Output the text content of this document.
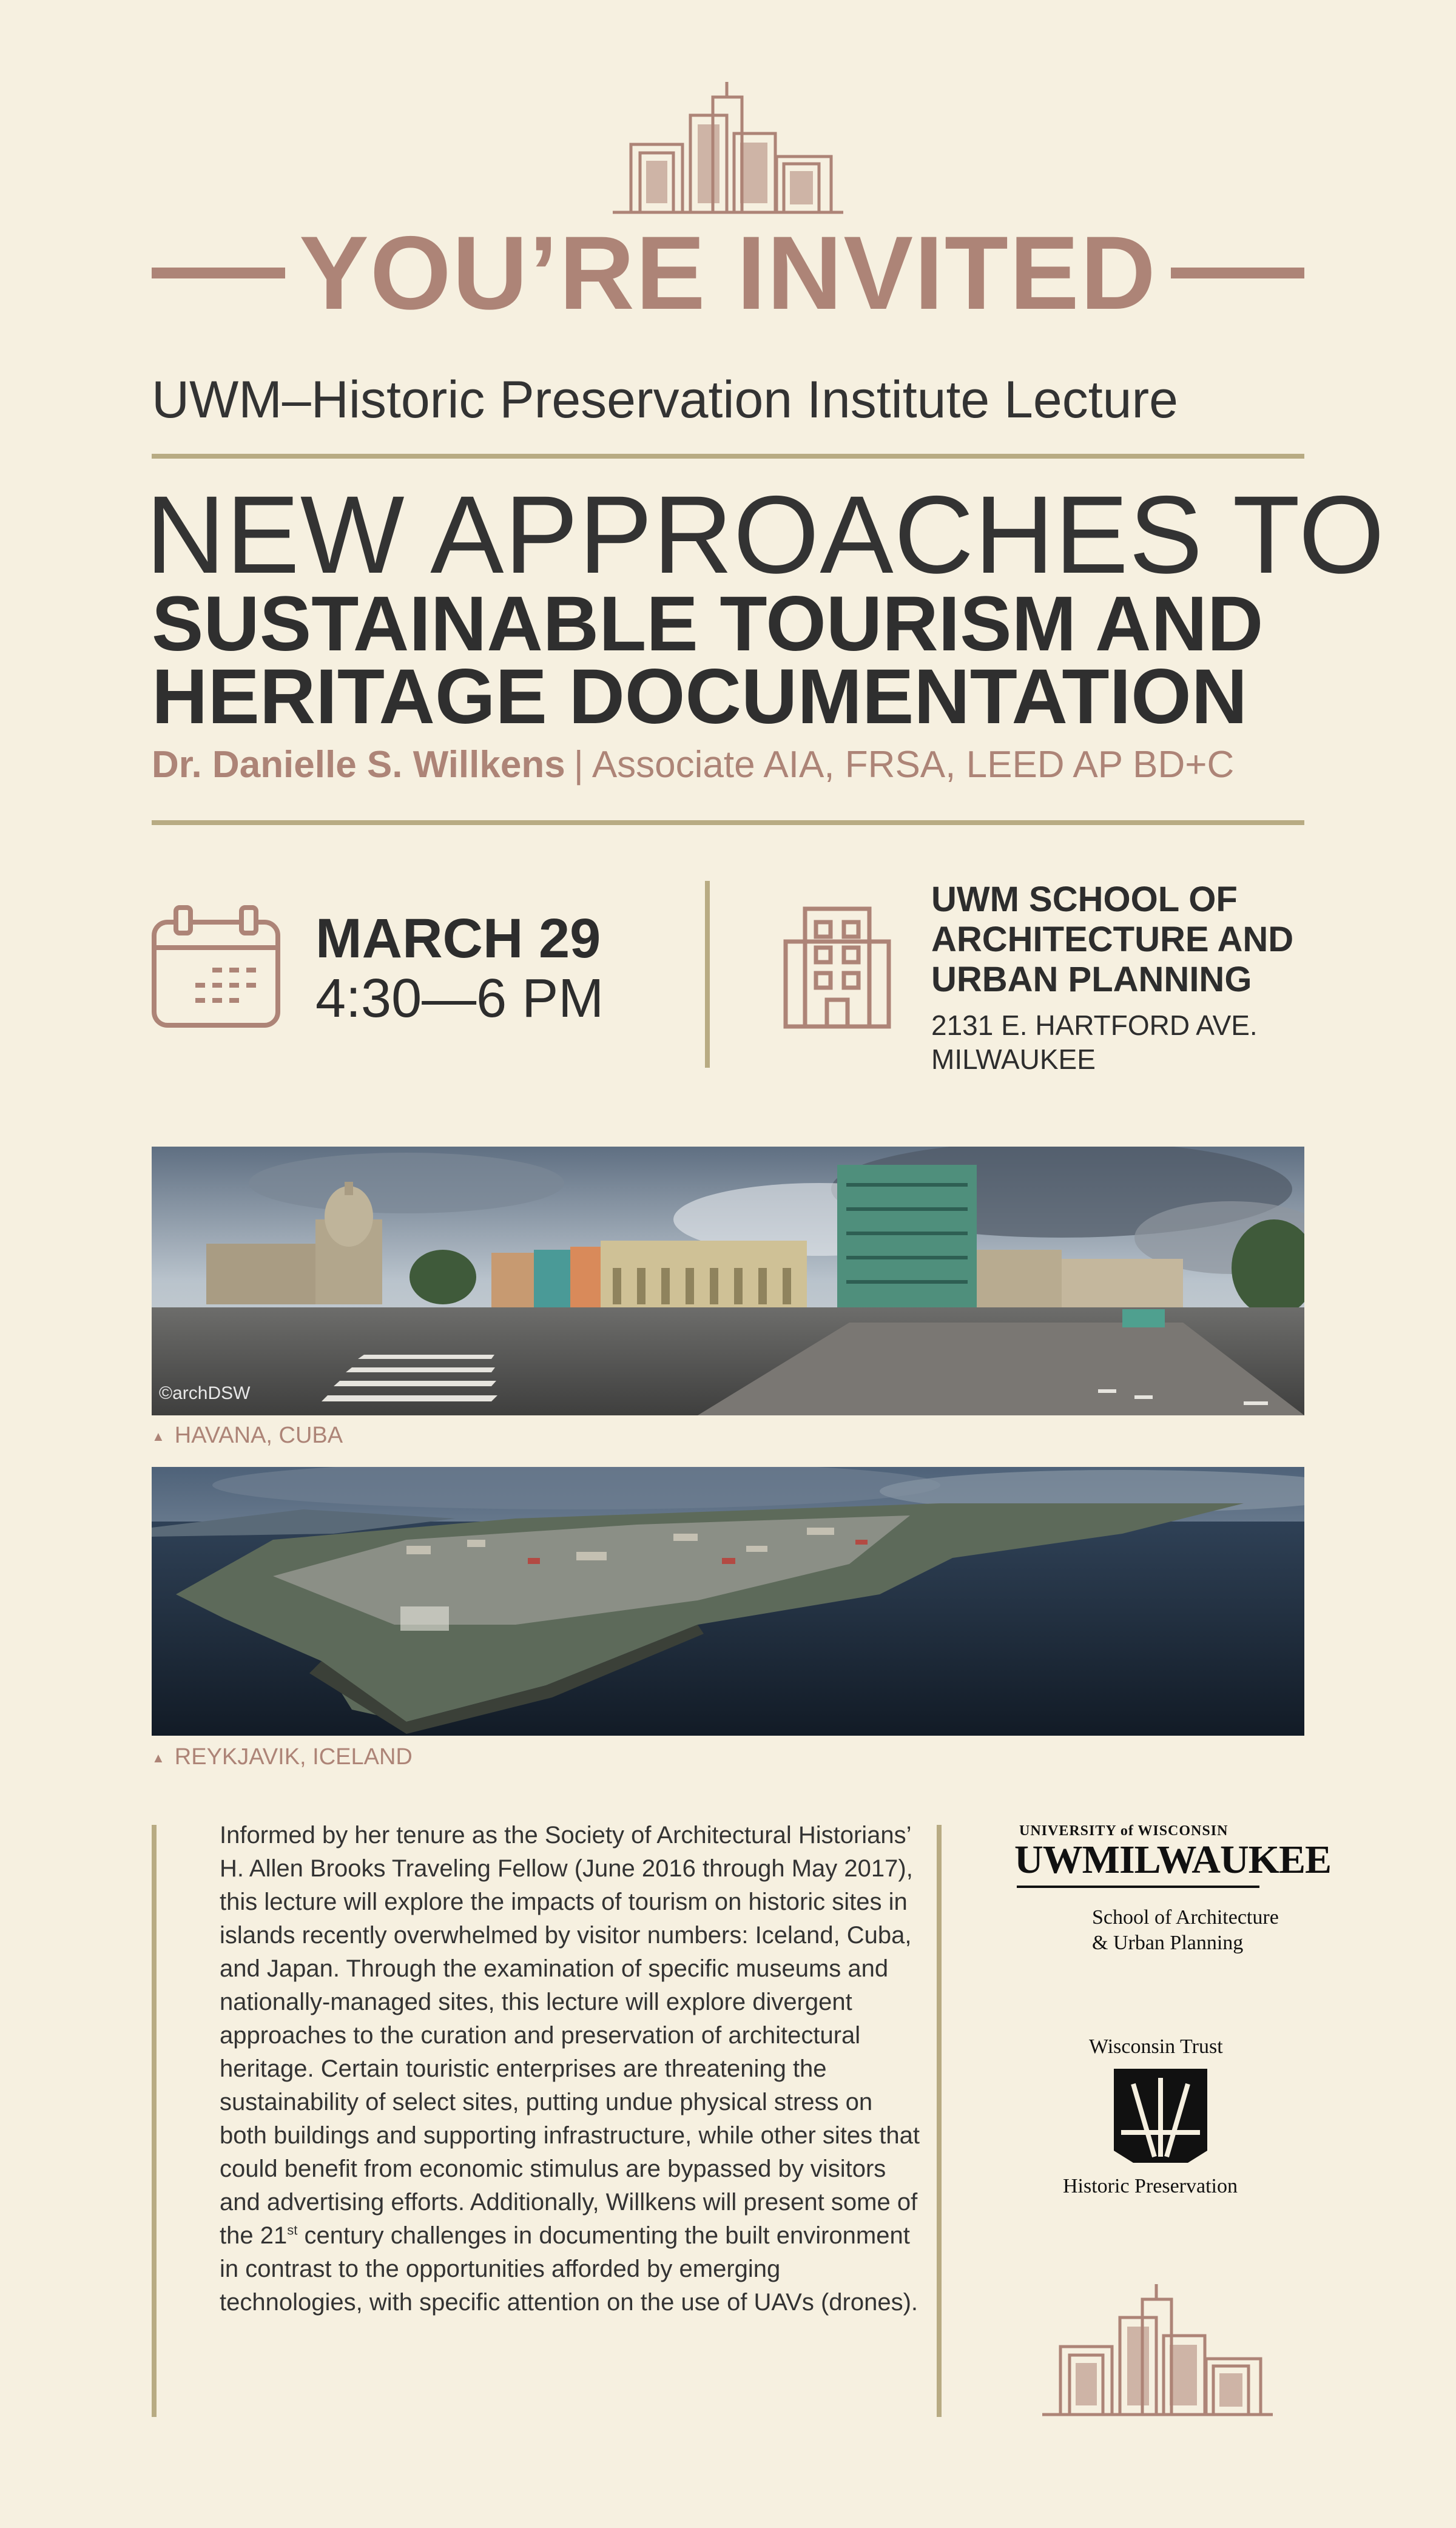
YOU’RE INVITED
UWM–Historic Preservation Institute Lecture
NEW APPROACHES TO
SUSTAINABLE TOURISM AND
HERITAGE DOCUMENTATION
Dr. Danielle S. Willkens | Associate AIA, FRSA, LEED AP BD+C
MARCH 29
4:30—6 PM
UWM SCHOOL OF
ARCHITECTURE AND
URBAN PLANNING
2131 E. HARTFORD AVE.
MILWAUKEE
©archDSW
▲ HAVANA, CUBA
▲ REYKJAVIK, ICELAND
Informed by her tenure as the Society of Architectural Historians’ H. Allen Brooks Traveling Fellow (June 2016 through May 2017), this lecture will explore the impacts of tourism on historic sites in islands recently overwhelmed by visitor numbers: Iceland, Cuba, and Japan. Through the examination of specific museums and nationally-managed sites, this lecture will explore divergent approaches to the curation and preservation of architectural heritage. Certain touristic enterprises are threatening the sustainability of select sites, putting undue physical stress on both buildings and supporting infrastructure, while other sites that could benefit from economic stimulus are bypassed by visitors and advertising efforts. Additionally, Willkens will present some of the 21st century challenges in documenting the built environment in contrast to the opportunities afforded by emerging technologies, with specific attention on the use of UAVs (drones).
UNIVERSITY of WISCONSIN
UWMILWAUKEE
School of Architecture
& Urban Planning
Wisconsin Trust
Historic Preservation
